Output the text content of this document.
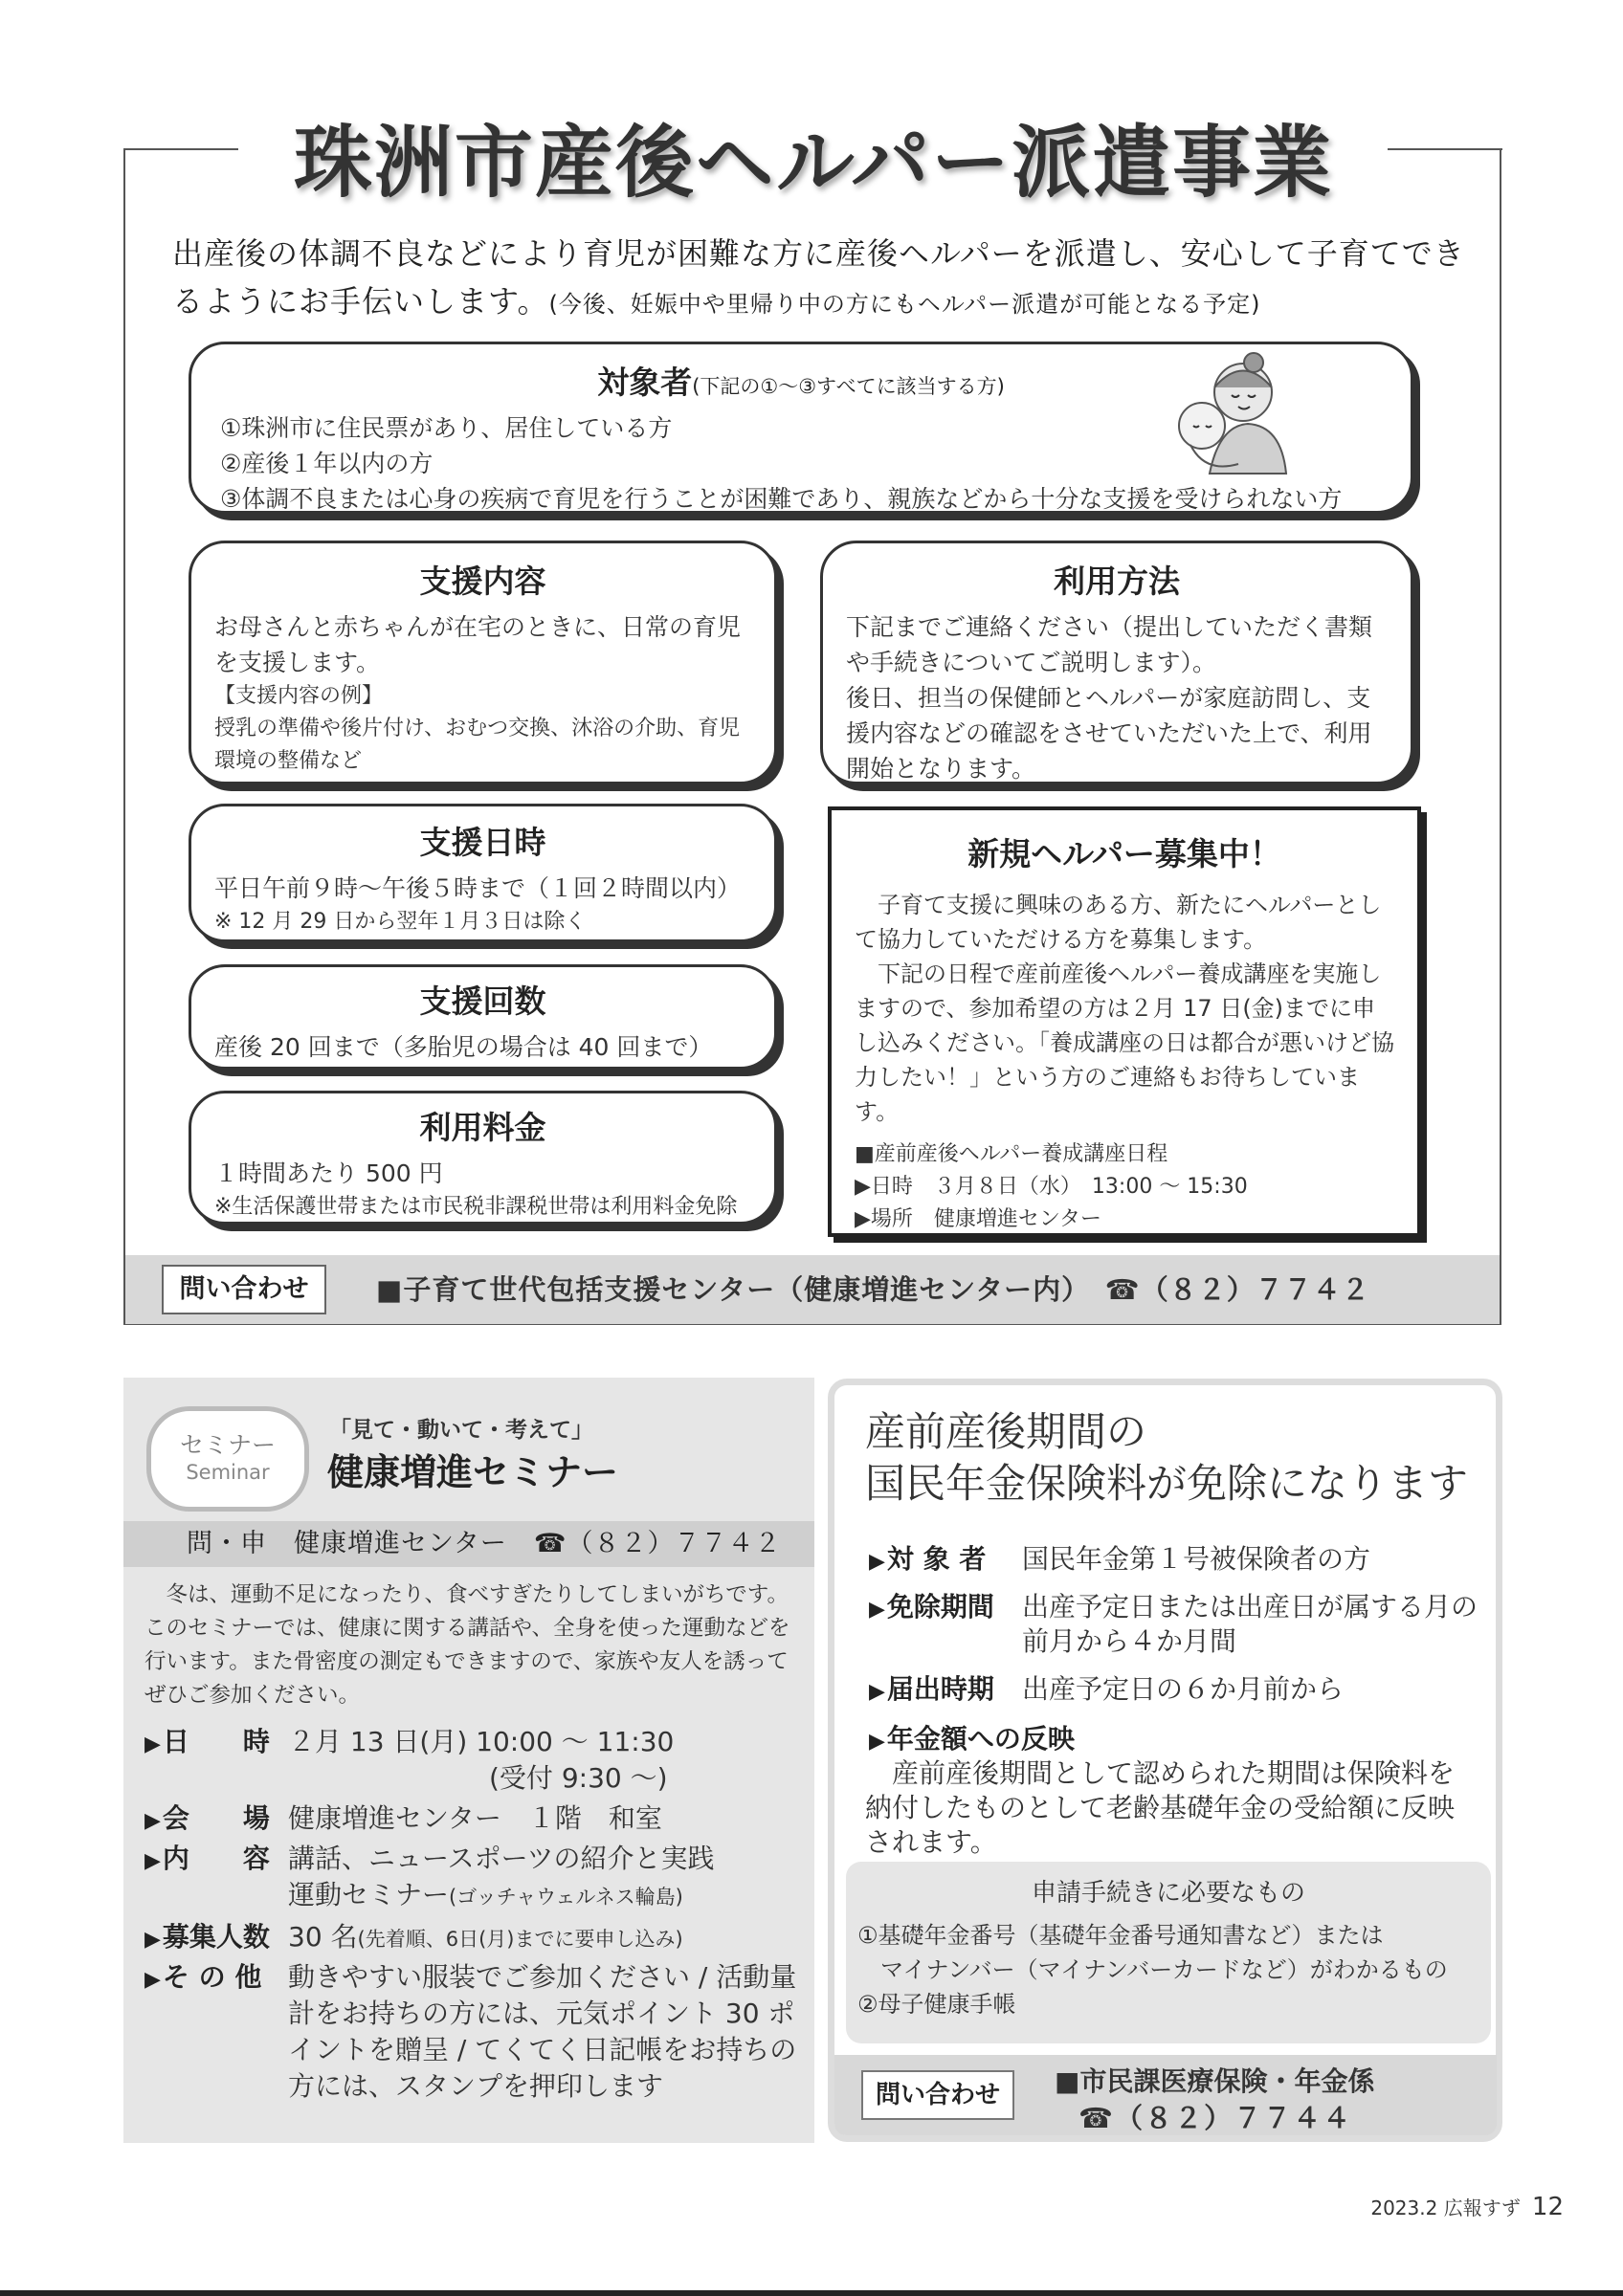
珠洲市産後ヘルパー派遣事業
出産後の体調不良などにより育児が困難な方に産後ヘルパーを派遣し、安心して子育てできるようにお手伝いします。(今後、妊娠中や里帰り中の方にもヘルパー派遣が可能となる予定)
対象者(下記の①～③すべてに該当する方)
①珠洲市に住民票があり、居住している方
②産後１年以内の方
③体調不良または心身の疾病で育児を行うことが困難であり、親族などから十分な支援を受けられない方
支援内容

お母さんと赤ちゃんが在宅のときに、日常の育児を支援します。

【支援内容の例】

授乳の準備や後片付け、おむつ交換、沐浴の介助、育児環境の整備など

利用方法

下記までご連絡ください（提出していただく書類や手続きについてご説明します）。

後日、担当の保健師とヘルパーが家庭訪問し、支援内容などの確認をさせていただいた上で、利用開始となります。

支援日時

平日午前９時～午後５時まで（１回２時間以内）

※ 12 月 29 日から翌年１月３日は除く

支援回数

産後 20 回まで（多胎児の場合は 40 回まで）

利用料金

１時間あたり 500 円

※生活保護世帯または市民税非課税世帯は利用料金免除

新規ヘルパー募集中！

子育て支援に興味のある方、新たにヘルパーとして協力していただける方を募集します。

下記の日程で産前産後ヘルパー養成講座を実施しますので、参加希望の方は２月 17 日(金)までに申し込みください。「養成講座の日は都合が悪いけど協力したい！」という方のご連絡もお待ちしています。

■産前産後ヘルパー養成講座日程

▶日時　３月８日（水）　13:00 ～ 15:30

▶場所　健康増進センター

問い合わせ	■子育て世代包括支援センター（健康増進センター内）　☎（８２）７７４２
セミナー
Seminar
「見て・動いて・考えて」
健康増進セミナー
問・申　健康増進センター　☎（８２）７７４２
冬は、運動不足になったり、食べすぎたりしてしまいがちです。このセミナーでは、健康に関する講話や、全身を使った運動などを行います。また骨密度の測定もできますので、家族や友人を誘ってぜひご参加ください。
▶ 日　　時 ２月 13 日(月) 10:00 ～ 11:30
(受付 9:30 ～)
▶ 会　　場 健康増進センター　１階　和室
▶ 内　　容 講話、ニュースポーツの紹介と実践
運動セミナー(ゴッチャウェルネス輪島)
▶ 募集人数 30 名(先着順、6日(月)までに要申し込み)
▶ そ の 他 動きやすい服装でご参加ください / 活動量計をお持ちの方には、元気ポイント 30 ポイントを贈呈 / てくてく日記帳をお持ちの方には、スタンプを押印します
産前産後期間の
国民年金保険料が免除になります
▶ 対 象 者 国民年金第１号被保険者の方
▶ 免除期間 出産予定日または出産日が属する月の前月から４か月間
▶ 届出時期 出産予定日の６か月前から
▶ 年金額への反映
産前産後期間として認められた期間は保険料を納付したものとして老齢基礎年金の受給額に反映されます。
申請手続きに必要なもの

①基礎年金番号（基礎年金番号通知書など）または

　マイナンバー（マイナンバーカードなど）がわかるもの

②母子健康手帳

問い合わせ	■市民課医療保険・年金係
☎（８２）７７４４
2023.2 広報すず 12
